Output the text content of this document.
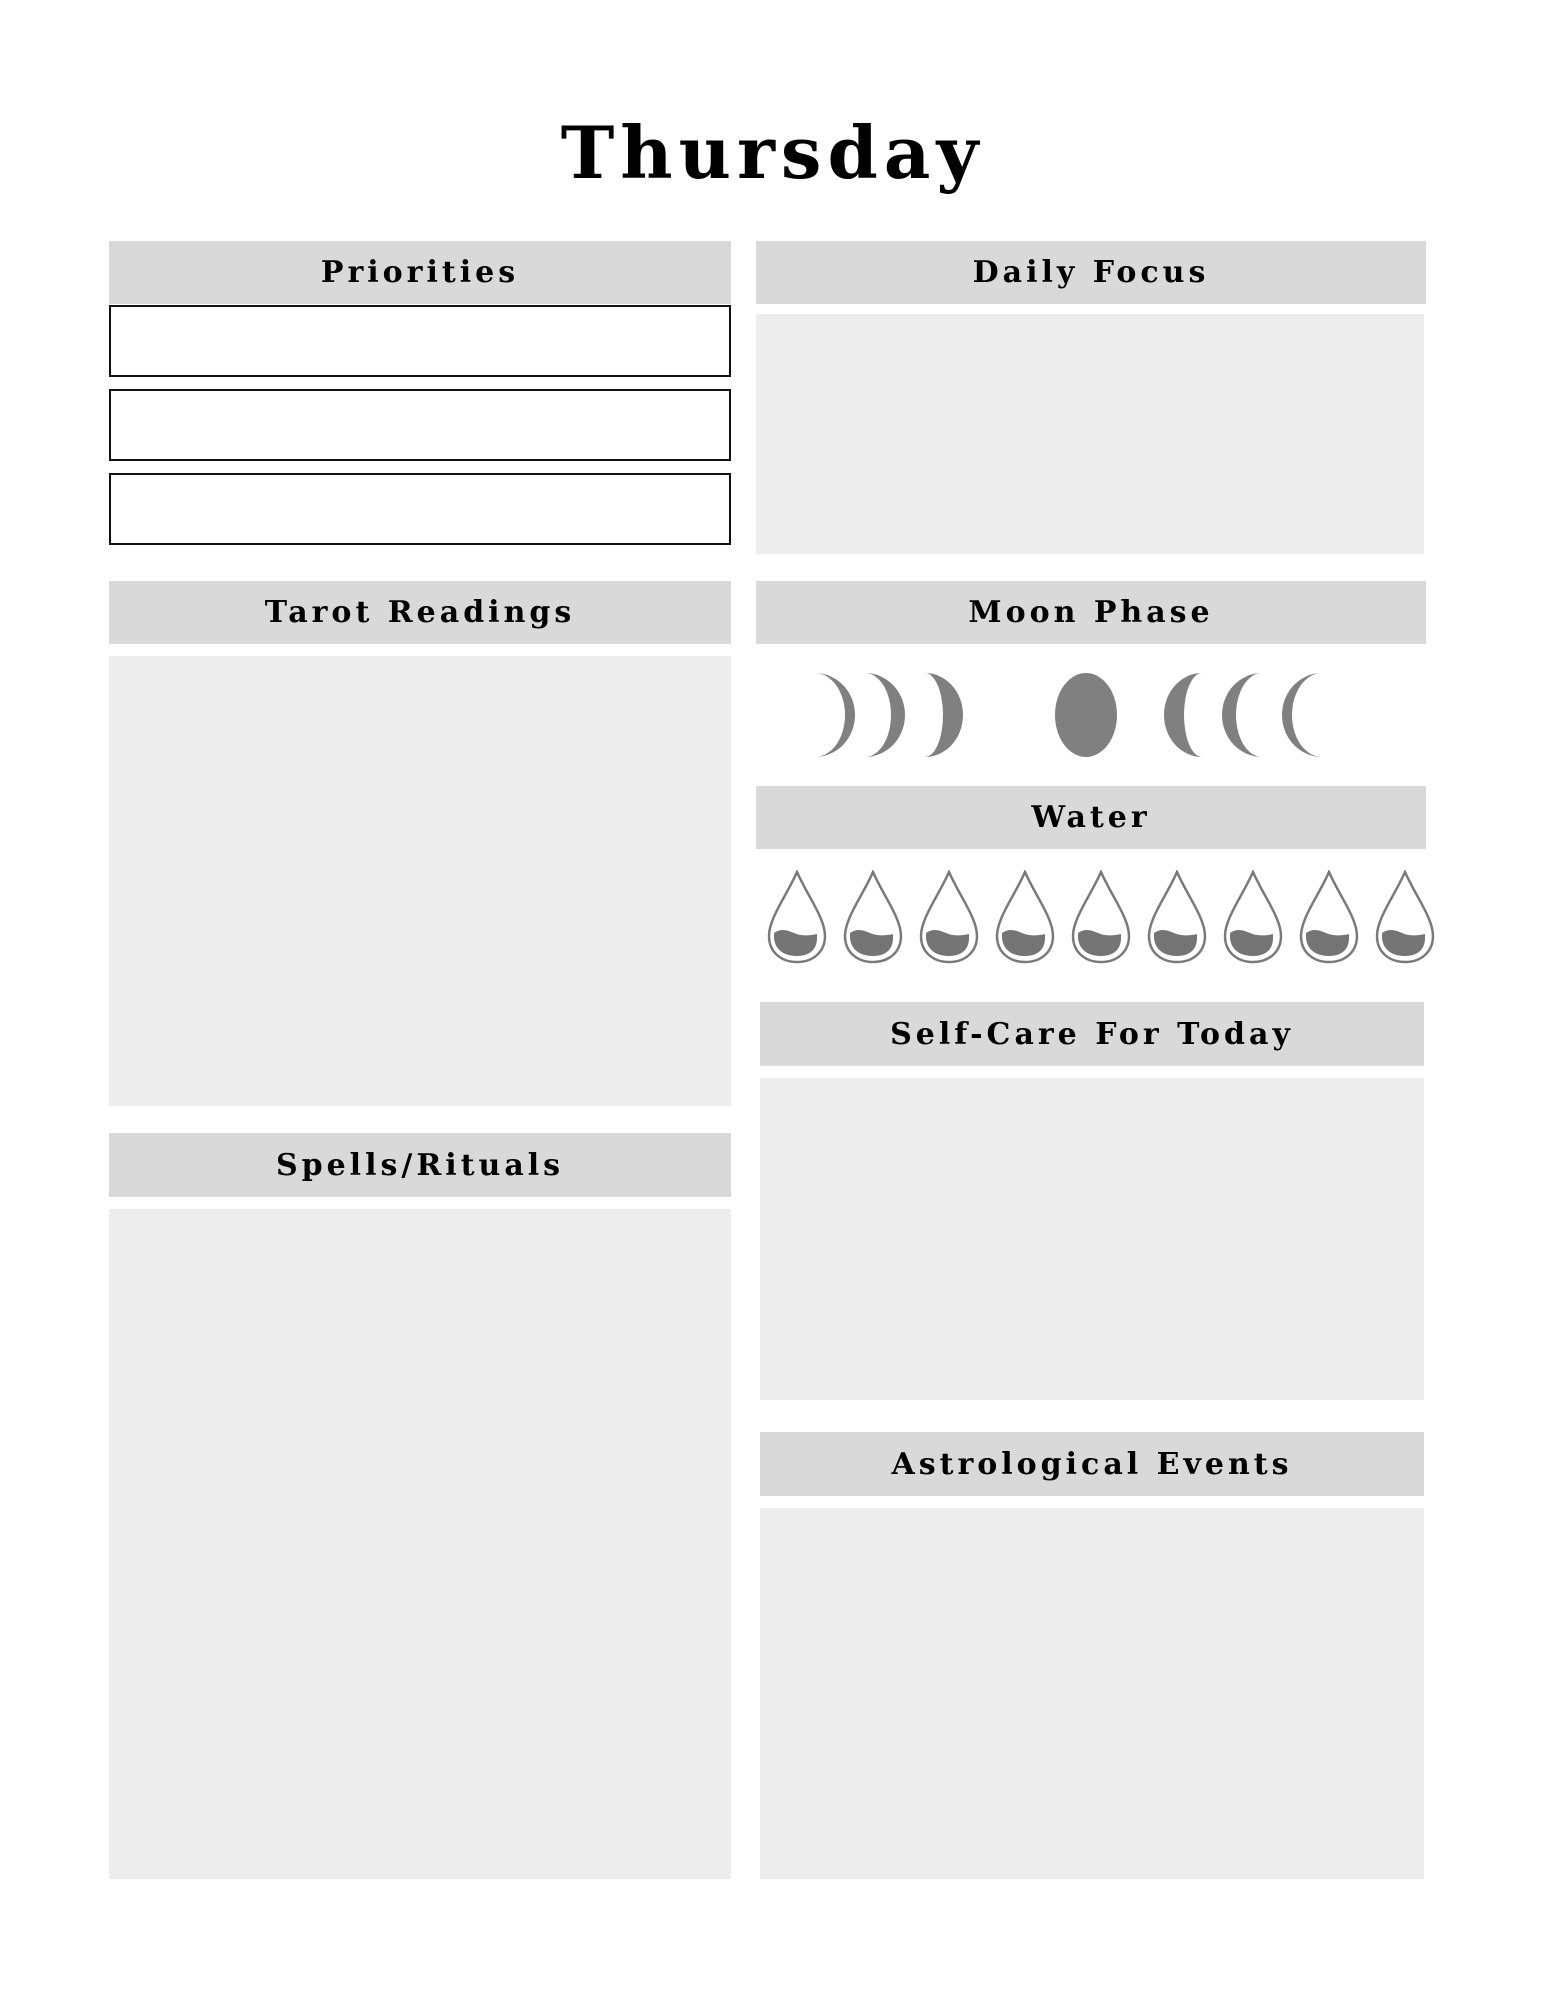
Thursday
Priorities	Daily Focus
Tarot Readings	Moon Phase
Water
Self-Care For Today
Spells/Rituals
Astrological Events
